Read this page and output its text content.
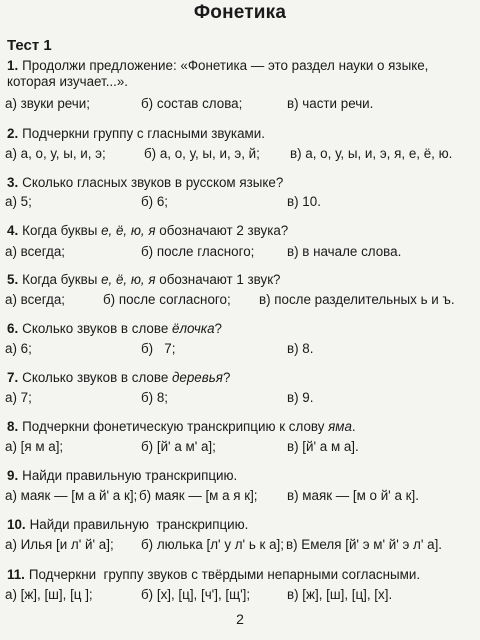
Фонетика
Тест 1
1. Продолжи предложение: «Фонетика — это раздел науки о языке, которая изучает...».
а) звуки речи;	б) состав слова;	в) части речи.
2. Подчеркни группу с гласными звуками.
а) а, о, у, ы, и, э;	б) а, о, у, ы, и, э, й; в) а, о, у, ы, и, э, я, е, ё, ю.
3. Сколько гласных звуков в русском языке?
а) 5;	б) 6;	в) 10.
4. Когда буквы е, ё, ю, я обозначают 2 звука?
а) всегда;	б) после гласного; в) в начале слова.
5. Когда буквы е, ё, ю, я обозначают 1 звук?
а) всегда;	б) после согласного; в) после разделительных ь и ъ.
6. Сколько звуков в слове ёлочка?
а) 6;	б)   7;	в) 8.
7. Сколько звуков в слове деревья?
а) 7;	б) 8;	в) 9.
8. Подчеркни фонетическую транскрипцию к слову яма.
а) [я м а];	б) [й' а м' а];	в) [й' а м а].
9. Найди правильную транскрипцию.
а) маяк — [м а й' а к]; б) маяк — [м а я к]; в) маяк — [м о й' а к].
10. Найди правильную  транскрипцию.
а) Илья [и л' й' а]; б) люлька [л' у л' ь к а]; в) Емеля [й' э м' й' э л' а].
11. Подчеркни  группу звуков с твёрдыми непарными согласными.
а) [ж], [ш], [ц ];	б) [х], [ц], [ч'], [щ'];	в) [ж], [ш], [ц], [х].
2
